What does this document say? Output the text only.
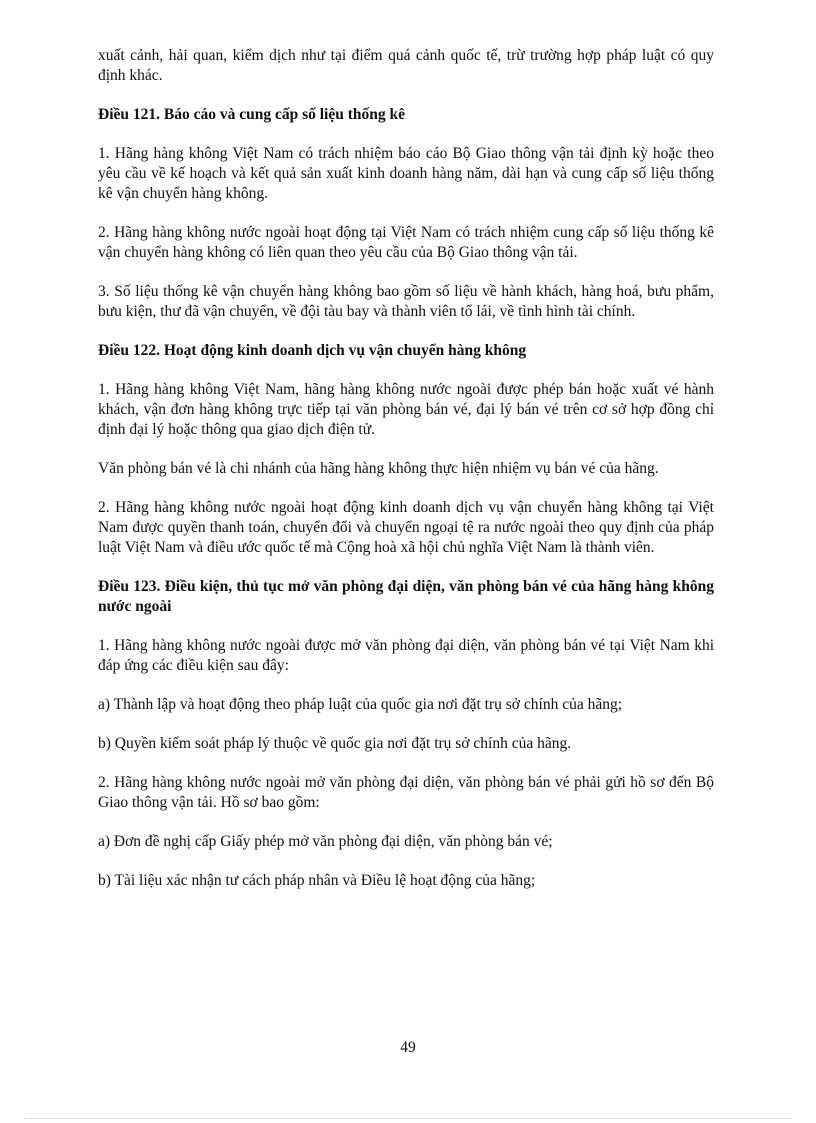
xuất cảnh, hải quan, kiểm dịch như tại điểm quá cảnh quốc tế, trừ trường hợp pháp luật có quy định khác.
Điều 121. Báo cáo và cung cấp số liệu thống kê
1. Hãng hàng không Việt Nam có trách nhiệm báo cáo Bộ Giao thông vận tải định kỳ hoặc theo yêu cầu về kế hoạch và kết quả sản xuất kinh doanh hàng năm, dài hạn và cung cấp số liệu thống kê vận chuyển hàng không.
2. Hãng hàng không nước ngoài hoạt động tại Việt Nam có trách nhiệm cung cấp số liệu thống kê vận chuyển hàng không có liên quan theo yêu cầu của Bộ Giao thông vận tải.
3. Số liệu thống kê vận chuyển hàng không bao gồm số liệu về hành khách, hàng hoá, bưu phẩm, bưu kiện, thư đã vận chuyển, về đội tàu bay và thành viên tổ lái, về tình hình tài chính.
Điều 122. Hoạt động kinh doanh dịch vụ vận chuyển hàng không
1. Hãng hàng không Việt Nam, hãng hàng không nước ngoài được phép bán hoặc xuất vé hành khách, vận đơn hàng không trực tiếp tại văn phòng bán vé, đại lý bán vé trên cơ sở hợp đồng chỉ định đại lý hoặc thông qua giao dịch điện tử.
Văn phòng bán vé là chi nhánh của hãng hàng không thực hiện nhiệm vụ bán vé của hãng.
2. Hãng hàng không nước ngoài hoạt động kinh doanh dịch vụ vận chuyển hàng không tại Việt Nam được quyền thanh toán, chuyển đổi và chuyển ngoại tệ ra nước ngoài theo quy định của pháp luật Việt Nam và điều ước quốc tế mà Cộng hoà xã hội chủ nghĩa Việt Nam là thành viên.
Điều 123. Điều kiện, thủ tục mở văn phòng đại diện, văn phòng bán vé của hãng hàng không nước ngoài
1. Hãng hàng không nước ngoài được mở văn phòng đại diện, văn phòng bán vé tại Việt Nam khi đáp ứng các điều kiện sau đây:
a) Thành lập và hoạt động theo pháp luật của quốc gia nơi đặt trụ sở chính của hãng;
b) Quyền kiểm soát pháp lý thuộc về quốc gia nơi đặt trụ sở chính của hãng.
2. Hãng hàng không nước ngoài mở văn phòng đại diện, văn phòng bán vé phải gửi hồ sơ đến Bộ Giao thông vận tải. Hồ sơ bao gồm:
a) Đơn đề nghị cấp Giấy phép mở văn phòng đại diện, văn phòng bán vé;
b) Tài liệu xác nhận tư cách pháp nhân và Điều lệ hoạt động của hãng;
49
